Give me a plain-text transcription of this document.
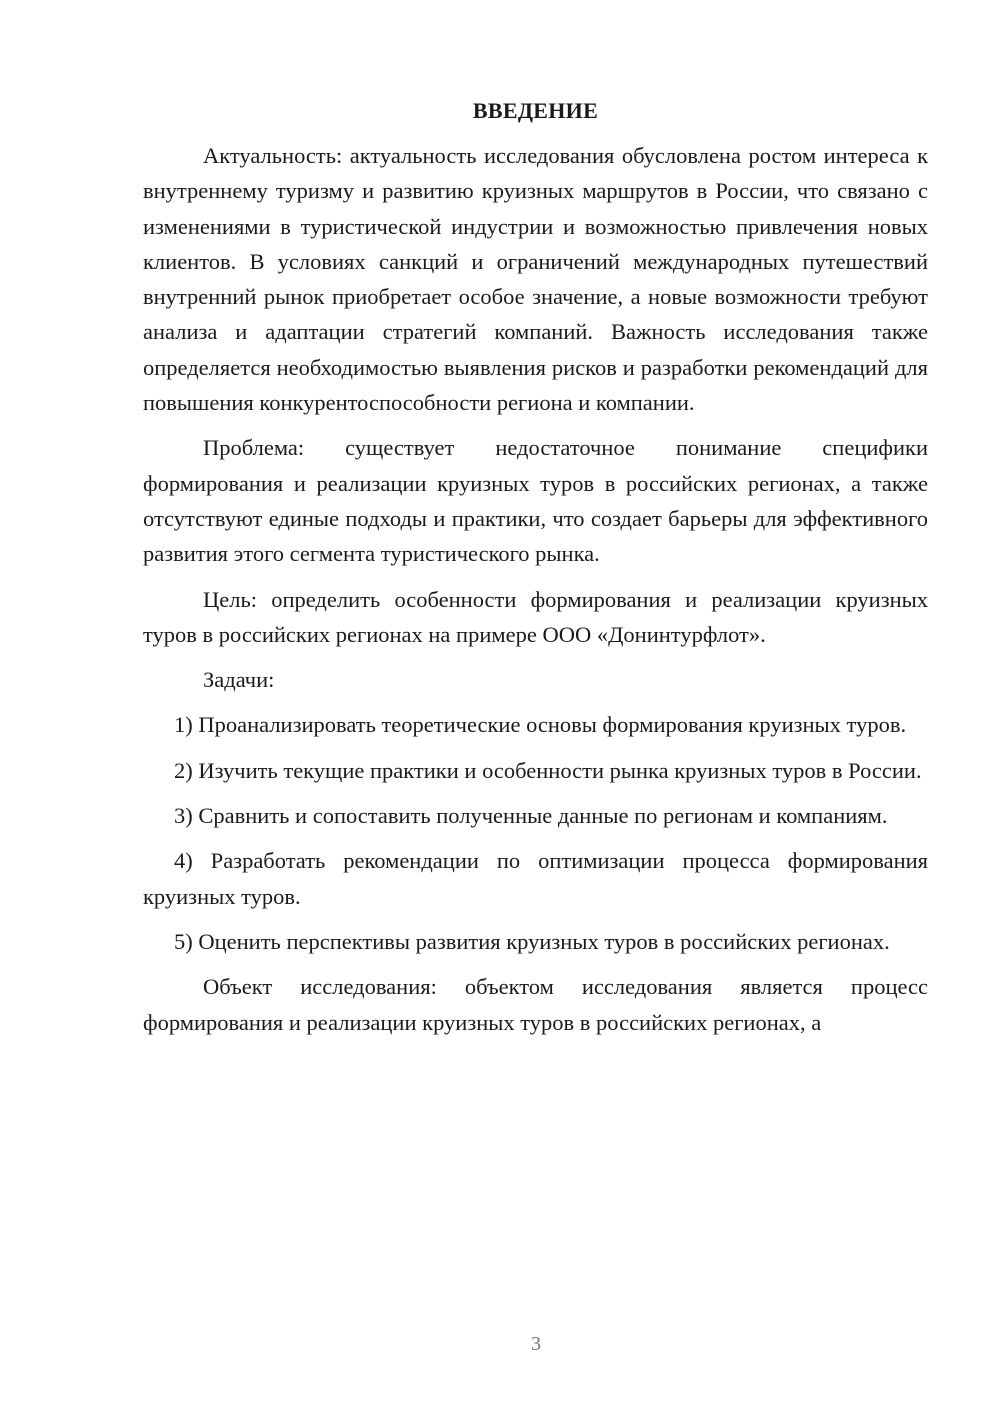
ВВЕДЕНИЕ

Актуальность: актуальность исследования обусловлена ростом интереса к внутреннему туризму и развитию круизных маршрутов в России, что связано с изменениями в туристической индустрии и возможностью привлечения новых клиентов. В условиях санкций и ограничений международных путешествий внутренний рынок приобретает особое значение, а новые возможности требуют анализа и адаптации стратегий компаний. Важность исследования также определяется необходимостью выявления рисков и разработки рекомендаций для повышения конкурентоспособности региона и компании.

Проблема: существует недостаточное понимание специфики формирования и реализации круизных туров в российских регионах, а также отсутствуют единые подходы и практики, что создает барьеры для эффективного развития этого сегмента туристического рынка.

Цель: определить особенности формирования и реализации круизных туров в российских регионах на примере ООО «Донинтурфлот».

Задачи:

1) Проанализировать теоретические основы формирования круизных туров.

2) Изучить текущие практики и особенности рынка круизных туров в России.

3) Сравнить и сопоставить полученные данные по регионам и компаниям.

4) Разработать рекомендации по оптимизации процесса формирования круизных туров.

5) Оценить перспективы развития круизных туров в российских регионах.

Объект исследования: объектом исследования является процесс формирования и реализации круизных туров в российских регионах, а

3
